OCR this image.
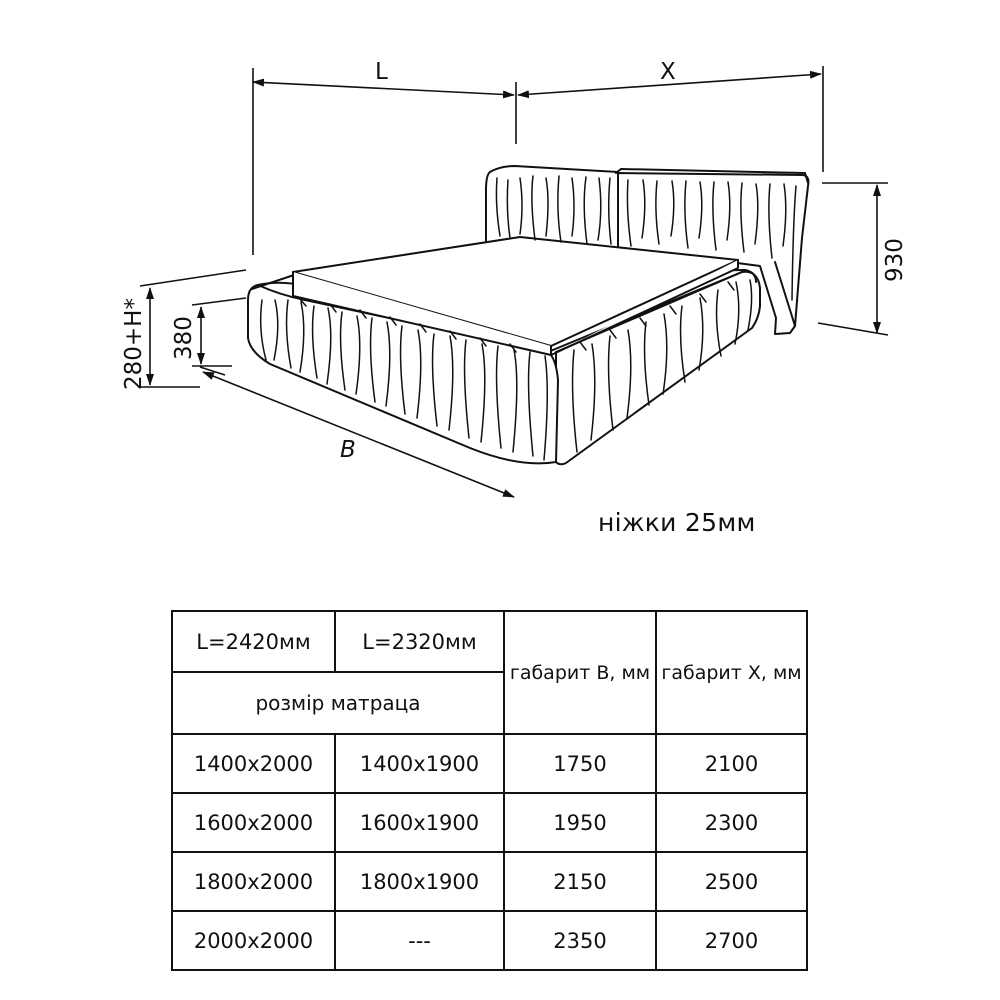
L	X
930
280+H* 380
B
ніжки 25мм
L=2420мм	L=2320мм	габарит B, мм	габарит X, мм
розмір матраца			
1400x2000	1400x1900	1750	2100
1600x2000	1600x1900	1950	2300
1800x2000	1800x1900	2150	2500
2000x2000	---	2350	2700
